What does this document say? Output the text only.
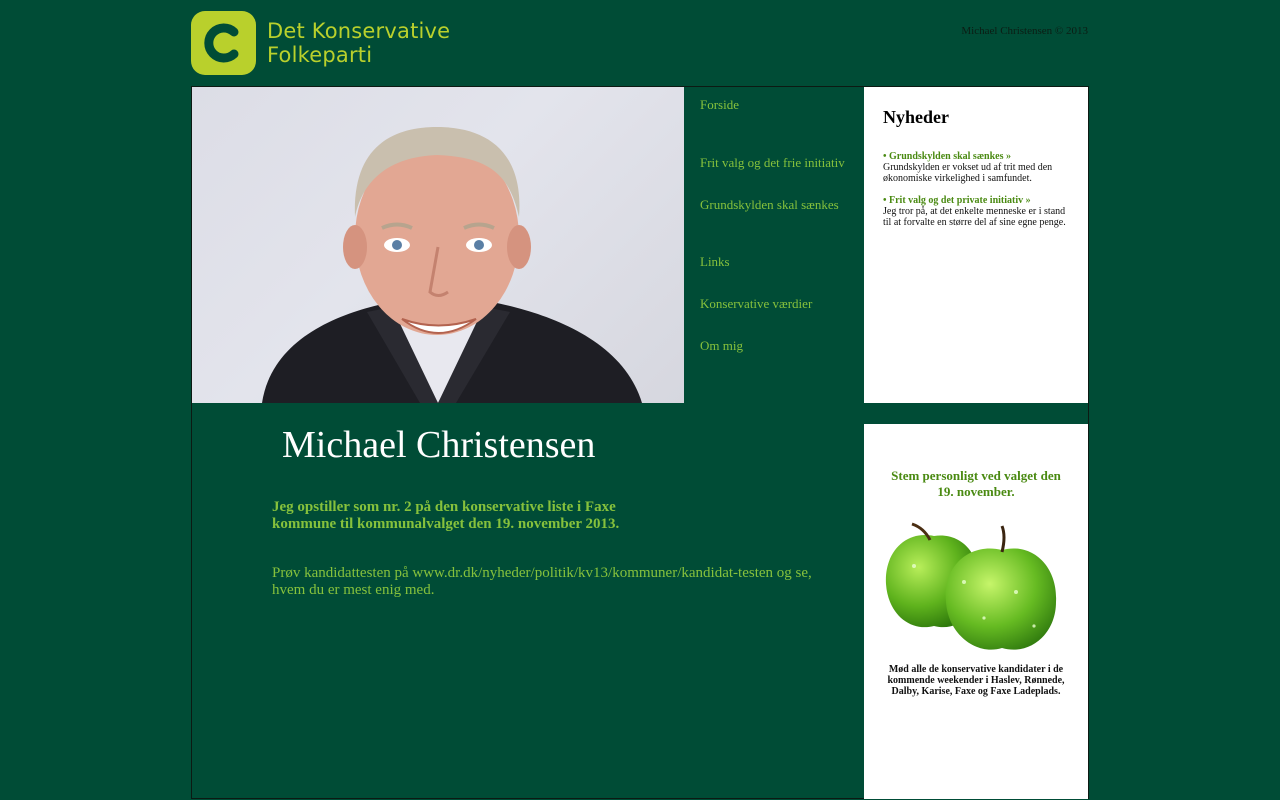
Det Konservative
Folkeparti
Michael Christensen © 2013
Forside
Frit valg og det frie initiativ
Grundskylden skal sænkes
Links
Konservative værdier
Om mig
Nyheder
• Grundskylden skal sænkes »
Grundskylden er vokset ud af trit med den økonomiske virkelighed i samfundet.
• Frit valg og det private initiativ »
Jeg tror på, at det enkelte menneske er i stand til at forvalte en større del af sine egne penge.
Michael Christensen
Jeg opstiller som nr. 2 på den konservative liste i Faxe kommune til kommunalvalget den 19. november 2013.
Prøv kandidattesten på www.dr.dk/nyheder/politik/kv13/kommuner/kandidat-testen og se, hvem du er mest enig med.
Stem personligt ved valget den 19. november.
Mød alle de konservative kandidater i de kommende weekender i Haslev, Rønnede, Dalby, Karise, Faxe og Faxe Ladeplads.
